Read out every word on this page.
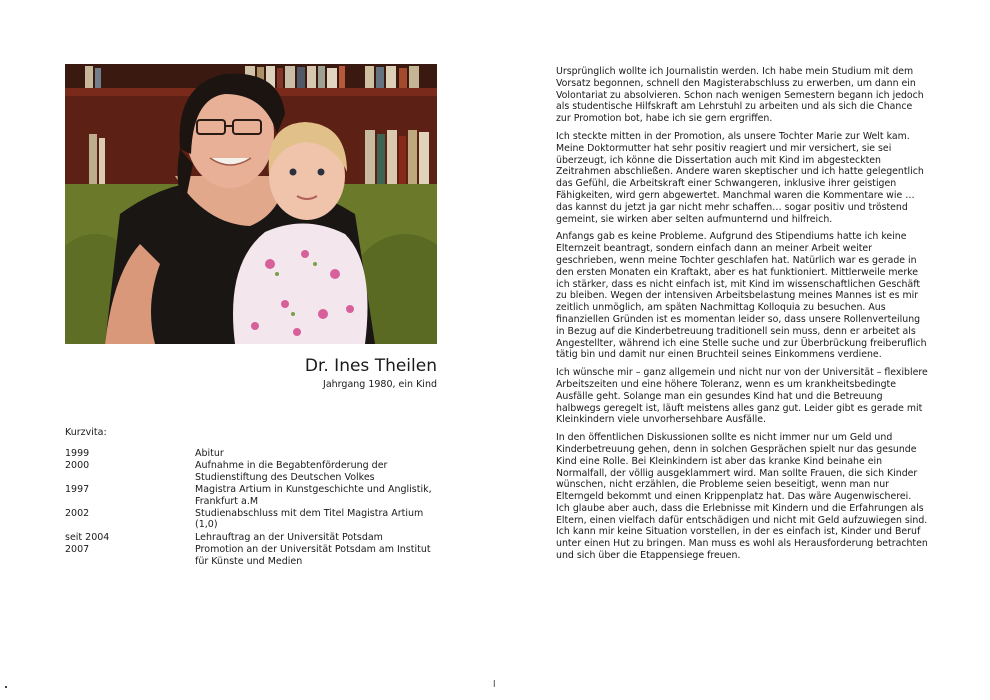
Dr. Ines Theilen
Jahrgang 1980, ein Kind
Kurzvita:
1999	Abitur
2000	Aufnahme in die Begabtenförderung der Studienstiftung des Deutschen Volkes
1997	Magistra Artium in Kunstgeschichte und Anglistik, Frankfurt a.M
2002	Studienabschluss mit dem Titel Magistra Artium (1,0)
seit 2004	Lehrauftrag an der Universität Potsdam
2007	Promotion an der Universität Potsdam am Institut für Künste und Medien

Ursprünglich wollte ich Journalistin werden. Ich habe mein Studium mit dem Vorsatz begonnen, schnell den Magisterabschluss zu erwerben, um dann ein Volontariat zu absolvieren. Schon nach wenigen Semestern begann ich jedoch als studentische Hilfskraft am Lehrstuhl zu arbeiten und als sich die Chance zur Promotion bot, habe ich sie gern ergriffen.

Ich steckte mitten in der Promotion, als unsere Tochter Marie zur Welt kam. Meine Doktormutter hat sehr positiv reagiert und mir versichert, sie sei überzeugt, ich könne die Dissertation auch mit Kind im abgesteckten Zeitrahmen abschließen. Andere waren skeptischer und ich hatte gelegentlich das Gefühl, die Arbeitskraft einer Schwangeren, inklusive ihrer geistigen Fähigkeiten, wird gern abgewertet. Manchmal waren die Kommentare wie …das kannst du jetzt ja gar nicht mehr schaffen… sogar positiv und tröstend gemeint, sie wirken aber selten aufmunternd und hilfreich.

Anfangs gab es keine Probleme. Aufgrund des Stipendiums hatte ich keine Elternzeit beantragt, sondern einfach dann an meiner Arbeit weiter geschrieben, wenn meine Tochter geschlafen hat. Natürlich war es gerade in den ersten Monaten ein Kraftakt, aber es hat funktioniert. Mittlerweile merke ich stärker, dass es nicht einfach ist, mit Kind im wissenschaftlichen Geschäft zu bleiben. Wegen der intensiven Arbeitsbelastung meines Mannes ist es mir zeitlich unmöglich, am späten Nachmittag Kolloquia zu besuchen. Aus finanziellen Gründen ist es momentan leider so, dass unsere Rollenverteilung in Bezug auf die Kinderbetreuung traditionell sein muss, denn er arbeitet als Angestellter, während ich eine Stelle suche und zur Überbrückung freiberuflich tätig bin und damit nur einen Bruchteil seines Einkommens verdiene.

Ich wünsche mir – ganz allgemein und nicht nur von der Universität – flexiblere Arbeitszeiten und eine höhere Toleranz, wenn es um krankheitsbedingte Ausfälle geht. Solange man ein gesundes Kind hat und die Betreuung halbwegs geregelt ist, läuft meistens alles ganz gut. Leider gibt es gerade mit Kleinkindern viele unvorhersehbare Ausfälle.

In den öffentlichen Diskussionen sollte es nicht immer nur um Geld und Kinderbetreuung gehen, denn in solchen Gesprächen spielt nur das gesunde Kind eine Rolle. Bei Kleinkindern ist aber das kranke Kind beinahe ein Normalfall, der völlig ausgeklammert wird. Man sollte Frauen, die sich Kinder wünschen, nicht erzählen, die Probleme seien beseitigt, wenn man nur Elterngeld bekommt und einen Krippenplatz hat. Das wäre Augenwischerei. Ich glaube aber auch, dass die Erlebnisse mit Kindern und die Erfahrungen als Eltern, einen vielfach dafür entschädigen und nicht mit Geld aufzuwiegen sind. Ich kann mir keine Situation vorstellen, in der es einfach ist, Kinder und Beruf unter einen Hut zu bringen. Man muss es wohl als Herausforderung betrachten und sich über die Etappensiege freuen.

l
